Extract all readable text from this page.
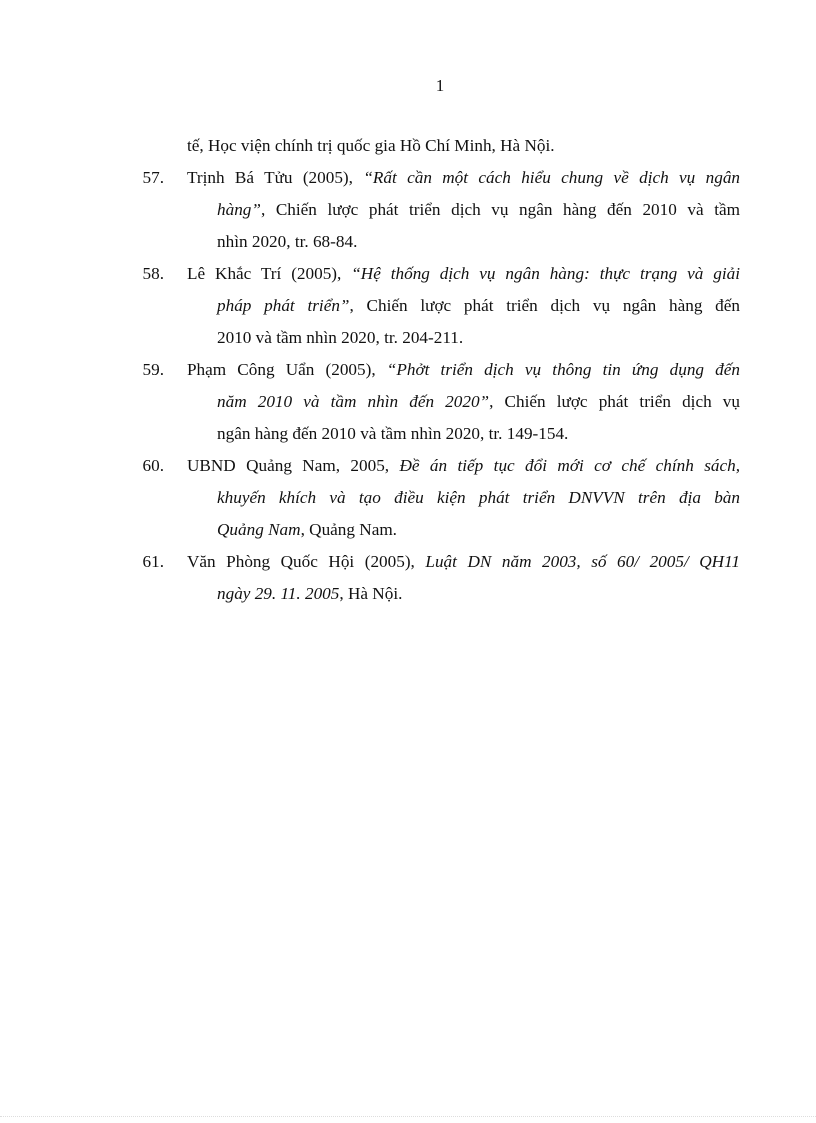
1
tế, Học viện chính trị quốc gia Hồ Chí Minh, Hà Nội.
57. Trịnh Bá Tửu (2005), “Rất cần một cách hiểu chung về dịch vụ ngân
hàng”, Chiến lược phát triển dịch vụ ngân hàng đến 2010 và tầm
nhìn 2020, tr. 68-84.
58. Lê Khắc Trí (2005), “Hệ thống dịch vụ ngân hàng: thực trạng và giải
pháp phát triển”, Chiến lược phát triển dịch vụ ngân hàng đến
2010 và tầm nhìn 2020, tr. 204-211.
59. Phạm Công Uẩn (2005), “Phởt triển dịch vụ thông tin ứng dụng đến
năm 2010 và tầm nhìn đến 2020”, Chiến lược phát triển dịch vụ
ngân hàng đến 2010 và tầm nhìn 2020, tr. 149-154.
60. UBND Quảng Nam, 2005, Đề án tiếp tục đổi mới cơ chế chính sách,
khuyến khích và tạo điều kiện phát triển DNVVN trên địa bàn
Quảng Nam, Quảng Nam.
61. Văn Phòng Quốc Hội (2005), Luật DN năm 2003, số 60/ 2005/ QH11
ngày 29. 11. 2005, Hà Nội.
